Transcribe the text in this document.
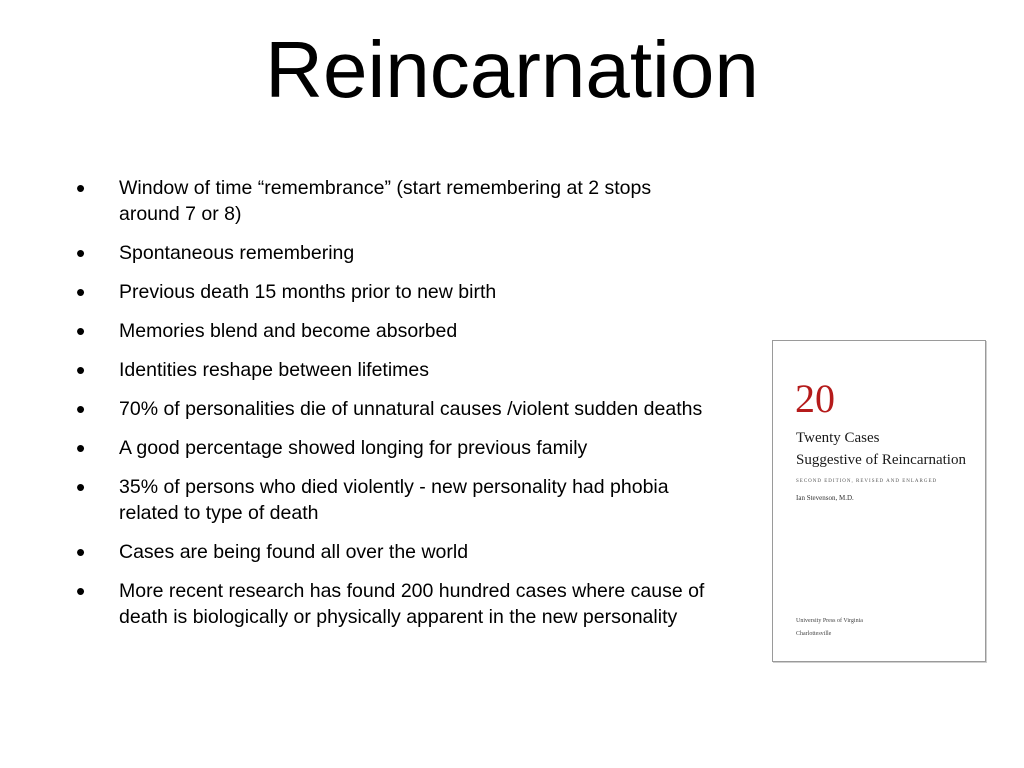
Reincarnation
• Window of time “remembrance” (start remembering at 2 stops around 7 or 8)
• Spontaneous remembering
• Previous death 15 months prior to new birth
• Memories blend and become absorbed
• Identities reshape between lifetimes
• 70% of personalities die of unnatural causes /violent sudden deaths
• A good percentage showed longing for previous family
• 35% of persons who died violently - new personality had phobia related to type of death
• Cases are being found all over the world
• More recent research has found 200 hundred cases where cause of death is biologically or physically apparent in the new personality
20
Twenty Cases
Suggestive of Reincarnation
SECOND EDITION, REVISED AND ENLARGED
Ian Stevenson, M.D.
University Press of Virginia
Charlottesville
